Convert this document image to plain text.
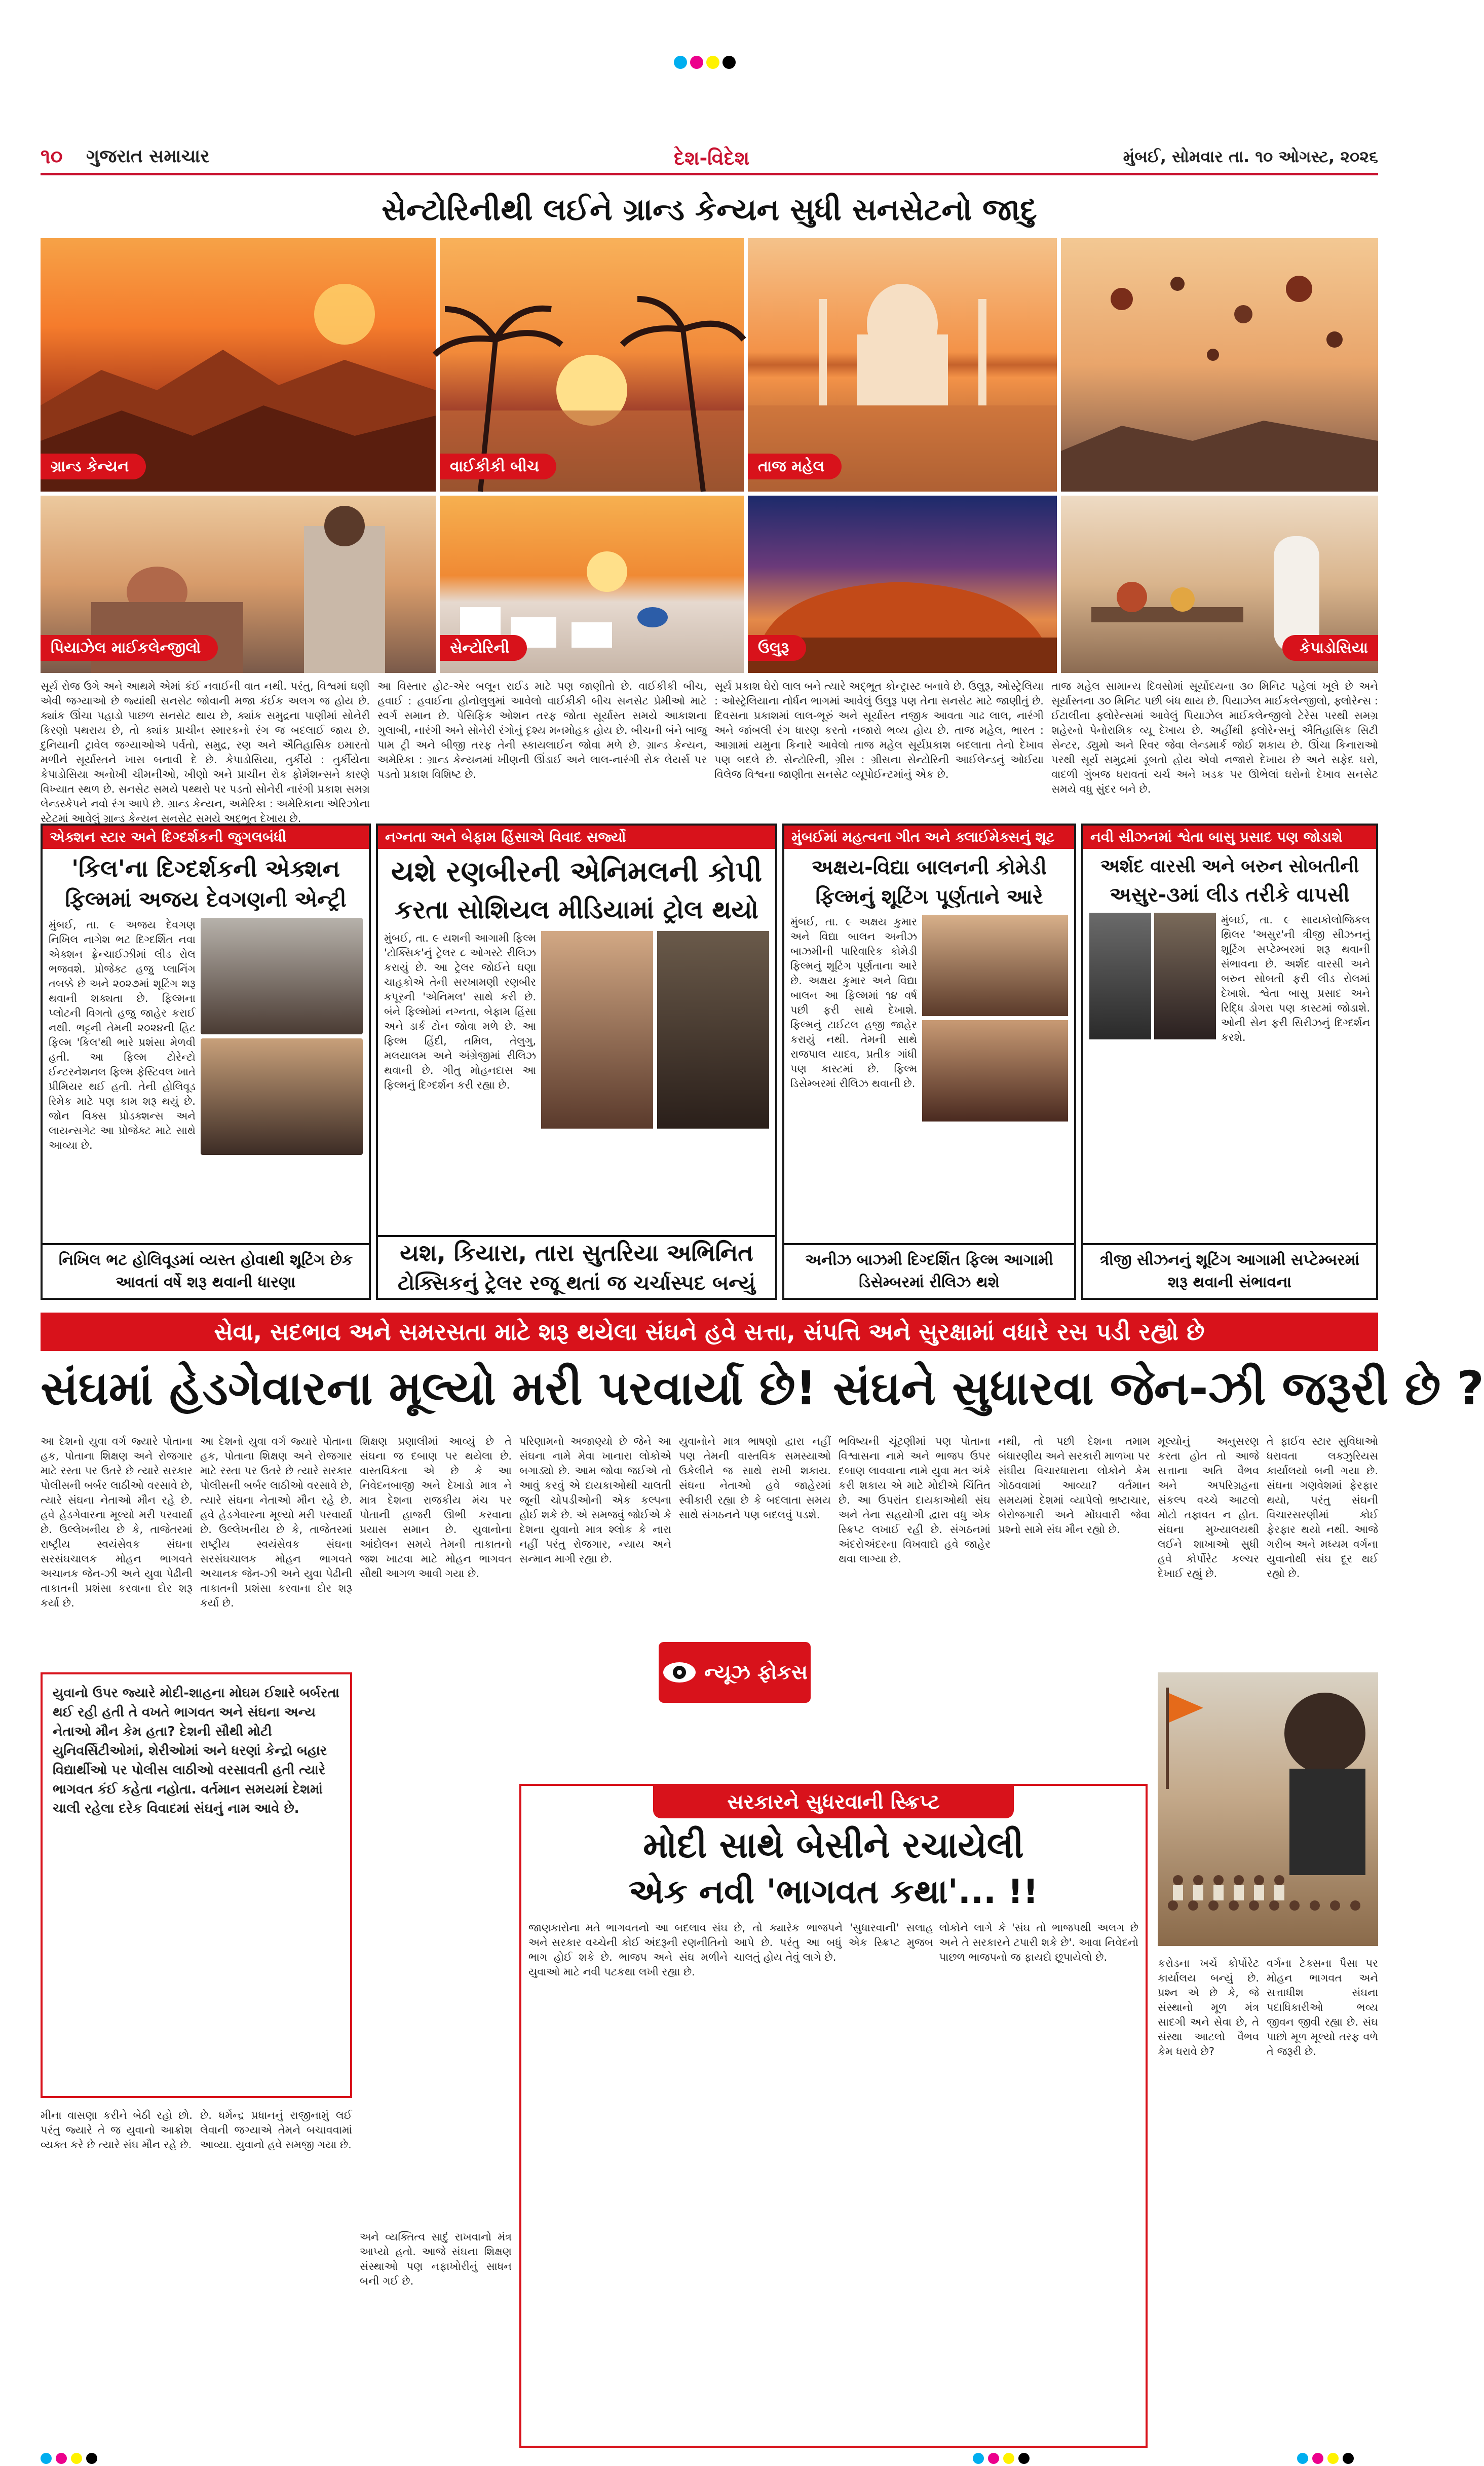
૧૦ ગુજરાત સમાચાર	દેશ-વિદેશ	મુંબઈ, સોમવાર તા. ૧૦ ઓગસ્ટ, ૨૦૨૬
સેન્ટોરિનીથી લઈને ગ્રાન્ડ કેન્યન સુધી સનસેટનો જાદુ
ગ્રાન્ડ કેન્યન	વાઈકીકી બીચ	તાજ મહેલ
પિયાઝેલ માઈકલેન્જીલો	સેન્ટોરિની	ઉલુરૂ	કેપાડોસિયા
સૂર્ય રોજ ઉગે અને આથમે એમાં કંઈ નવાઈની વાત નથી. પરંતુ, વિશ્વમાં ઘણી એવી જગ્યાઓ છે જ્યાંથી સનસેટ જોવાની મજા કંઈક અલગ જ હોય છે. ક્યાંક ઊંચા પહાડો પાછળ સનસેટ થાય છે, ક્યાંક સમુદ્રના પાણીમાં સોનેરી કિરણો પથરાય છે, તો ક્યાંક પ્રાચીન સ્મારકનો રંગ જ બદલાઈ જાય છે. દુનિયાની ટ્રાવેલ જગ્યાઓએ પર્વતો, સમુદ્ર, રણ અને ઐતિહાસિક ઇમારતો મળીને સૂર્યાસ્તને ખાસ બનાવી દે છે. કેપાડોસિયા, તુર્કીયે : તુર્કીયેના કેપાડોસિયા અનોખી ચીમનીઓ, ખીણો અને પ્રાચીન રોક ફોર્મેશન્સને કારણે વિખ્યાત સ્થળ છે. સનસેટ સમયે પથ્થરો પર પડતો સોનેરી નારંગી પ્રકાશ સમગ્ર લેન્ડસ્કેપને નવો રંગ આપે છે. ગ્રાન્ડ કેન્યન, અમેરિકા : અમેરિકાના એરિઝોના સ્ટેટમાં આવેલું ગ્રાન્ડ કેન્યન સનસેટ સમયે અદ્ભૂત દેખાય છે.
આ વિસ્તાર હોટ-એર બલૂન રાઈડ માટે પણ જાણીતો છે. વાઈકીકી બીચ, હવાઈ : હવાઈના હોનોલુલુમાં આવેલો વાઈકીકી બીચ સનસેટ પ્રેમીઓ માટે સ્વર્ગ સમાન છે. પેસિફિક ઓશન તરફ જોતા સૂર્યાસ્ત સમયે આકાશના ગુલાબી, નારંગી અને સોનેરી રંગોનું દૃશ્ય મનમોહક હોય છે. બીચની બંને બાજુ પામ ટ્રી અને બીજી તરફ તેની સ્કાયલાઈન જોવા મળે છે. ગ્રાન્ડ કેન્યન, અમેરિકા : ગ્રાન્ડ કેન્યનમાં ખીણની ઊંડાઈ અને લાલ-નારંગી રોક લેયર્સ પર પડતો પ્રકાશ વિશિષ્ટ છે.
સૂર્ય પ્રકાશ ઘેરો લાલ બને ત્યારે અદ્ભૂત કોન્ટ્રાસ્ટ બનાવે છે. ઉલુરૂ, ઓસ્ટ્રેલિયા : ઓસ્ટ્રેલિયાના નોર્ધન ભાગમાં આવેલું ઉલુરૂ પણ તેના સનસેટ માટે જાણીતું છે. દિવસના પ્રકાશમાં લાલ-ભૂરું અને સૂર્યાસ્ત નજીક આવતા ગાઢ લાલ, નારંગી અને જાંબલી રંગ ધારણ કરતો નજારો ભવ્ય હોય છે. તાજ મહેલ, ભારત : આગ્રામાં યમુના કિનારે આવેલો તાજ મહેલ સૂર્યપ્રકાશ બદલાતા તેનો દેખાવ પણ બદલે છે. સેન્ટોરિની, ગ્રીસ : ગ્રીસના સેન્ટોરિની આઈલેન્ડનું ઓઈયા વિલેજ વિશ્વના જાણીતા સનસેટ વ્યૂપોઈન્ટમાંનું એક છે.
તાજ મહેલ સામાન્ય દિવસોમાં સૂર્યોદયના ૩૦ મિનિટ પહેલાં ખૂલે છે અને સૂર્યાસ્તના ૩૦ મિનિટ પછી બંધ થાય છે. પિયાઝેલ માઈકલેન્જીલો, ફ્લોરેન્સ : ઈટાલીના ફ્લોરેન્સમાં આવેલું પિયાઝેલ માઈકલેન્જીલો ટેરેસ પરથી સમગ્ર શહેરનો પેનોરામિક વ્યૂ દેખાય છે. અહીંથી ફ્લોરેન્સનું ઐતિહાસિક સિટી સેન્ટર, ડ્યુમો અને રિવર જેવા લેન્ડમાર્ક જોઈ શકાય છે. ઊંચા કિનારાઓ પરથી સૂર્ય સમુદ્રમાં ડૂબતો હોય એવો નજારો દેખાય છે અને સફેદ ઘરો, વાદળી ગુંબજ ધરાવતાં ચર્ચ અને ખડક પર ઊભેલાં ઘરોનો દેખાવ સનસેટ સમયે વધુ સુંદર બને છે.
એક્શન સ્ટાર અને દિગ્દર્શકની જુગલબંધી
'કિલ'ના દિગ્દર્શકની એક્શન
ફિલ્મમાં અજય દેવગણની એન્ટ્રી
મુંબઈ, તા. ૯ અજય દેવગણ નિખિલ નાગેશ ભટ દિગ્દર્શિત નવા એક્શન ફ્રેન્ચાઈઝીમાં લીડ રોલ ભજવશે. પ્રોજેક્ટ હજુ પ્લાનિંગ તબક્કે છે અને ૨૦૨૭માં શૂટિંગ શરૂ થવાની શક્યતા છે. ફિલ્મના પ્લોટની વિગતો હજુ જાહેર કરાઈ નથી. ભટ્ટની તેમની ૨૦૨૪ની હિટ ફિલ્મ 'કિલ'થી ભારે પ્રશંસા મેળવી હતી. આ ફિલ્મ ટોરેન્ટો ઈન્ટરનેશનલ ફિલ્મ ફેસ્ટિવલ ખાતે પ્રીમિયર થઈ હતી. તેની હોલિવૂડ રિમેક માટે પણ કામ શરૂ થયું છે. જોન વિક્સ પ્રોડક્શન્સ અને લાયન્સગેટ આ પ્રોજેક્ટ માટે સાથે આવ્યા છે.
નિખિલ ભટ હોલિવૂડમાં વ્યસ્ત હોવાથી શૂટિંગ છેક આવતાં વર્ષે શરૂ થવાની ધારણા
નગ્નતા અને બેફામ હિંસાએ વિવાદ સર્જ્યો
યશે રણબીરની એનિમલની કોપી
કરતા સોશિયલ મીડિયામાં ટ્રોલ થયો
મુંબઈ, તા. ૯ યશની આગામી ફિલ્મ 'ટોક્સિક'નું ટ્રેલર ૮ ઓગસ્ટે રીલિઝ કરાયું છે. આ ટ્રેલર જોઈને ઘણા ચાહકોએ તેની સરખામણી રણબીર કપૂરની 'એનિમલ' સાથે કરી છે. બંને ફિલ્મોમાં નગ્નતા, બેફામ હિંસા અને ડાર્ક ટોન જોવા મળે છે. આ ફિલ્મ હિંદી, તમિલ, તેલુગુ, મલયાલમ અને અંગ્રેજીમાં રીલિઝ થવાની છે. ગીતુ મોહનદાસ આ ફિલ્મનું દિગ્દર્શન કરી રહ્યા છે.
યશ, કિયારા, તારા સુતરિયા અભિનિત
ટોક્સિકનું ટ્રેલર રજૂ થતાં જ ચર્ચાસ્પદ બન્યું
મુંબઈમાં મહત્વના ગીત અને ક્લાઈમેક્સનું શૂટ
અક્ષય-વિદ્યા બાલનની કોમેડી
ફિલ્મનું શૂટિંગ પૂર્ણતાને આરે
મુંબઈ, તા. ૯ અક્ષય કુમાર અને વિદ્યા બાલન અનીઝ બાઝમીની પારિવારિક કોમેડી ફિલ્મનું શૂટિંગ પૂર્ણતાના આરે છે. અક્ષય કુમાર અને વિદ્યા બાલન આ ફિલ્મમાં ૧૪ વર્ષ પછી ફરી સાથે દેખાશે. ફિલ્મનું ટાઈટલ હજી જાહેર કરાયું નથી. તેમની સાથે રાજપાલ યાદવ, પ્રતીક ગાંધી પણ કાસ્ટમાં છે. ફિલ્મ ડિસેમ્બરમાં રીલિઝ થવાની છે.
અનીઝ બાઝમી દિગ્દર્શિત ફિલ્મ આગામી ડિસેમ્બરમાં રીલિઝ થશે
નવી સીઝનમાં શ્વેતા બાસુ પ્રસાદ પણ જોડાશે
અર્શદ વારસી અને બરુન સોબતીની
અસુર-૩માં લીડ તરીકે વાપસી
મુંબઈ, તા. ૯ સાયકોલોજિકલ થ્રિલર 'અસુર'ની ત્રીજી સીઝનનું શૂટિંગ સપ્ટેમ્બરમાં શરૂ થવાની સંભાવના છે. અર્શદ વારસી અને બરુન સોબતી ફરી લીડ રોલમાં દેખાશે. શ્વેતા બાસુ પ્રસાદ અને રિદ્ધિ ડોગરા પણ કાસ્ટમાં જોડાશે. ઓની સેન ફરી સિરીઝનું દિગ્દર્શન કરશે.
ત્રીજી સીઝનનું શૂટિંગ આગામી સપ્ટેમ્બરમાં શરૂ થવાની સંભાવના
સેવા, સદભાવ અને સમરસતા માટે શરૂ થયેલા સંઘને હવે સત્તા, સંપત્તિ અને સુરક્ષામાં વધારે રસ પડી રહ્યો છે
સંઘમાં હેડગેવારના મૂલ્યો મરી પરવાર્યા છે! સંઘને સુધારવા જેન-ઝી જરૂરી છે ?
આ દેશનો યુવા વર્ગ જ્યારે પોતાના હક, પોતાના શિક્ષણ અને રોજગાર માટે રસ્તા પર ઉતરે છે ત્યારે સરકાર પોલીસની બર્બર લાઠીઓ વરસાવે છે, ત્યારે સંઘના નેતાઓ મૌન રહે છે. હવે હેડગેવારના મૂલ્યો મરી પરવાર્યા છે. ઉલ્લેખનીય છે કે, તાજેતરમાં રાષ્ટ્રીય સ્વયંસેવક સંઘના સરસંઘચાલક મોહન ભાગવતે અચાનક જેન-ઝી અને યુવા પેઢીની તાકાતની પ્રશંસા કરવાના દોર શરૂ કર્યા છે.
આ દેશનો યુવા વર્ગ જ્યારે પોતાના હક, પોતાના શિક્ષણ અને રોજગાર માટે રસ્તા પર ઉતરે છે ત્યારે સરકાર પોલીસની બર્બર લાઠીઓ વરસાવે છે, ત્યારે સંઘના નેતાઓ મૌન રહે છે. હવે હેડગેવારના મૂલ્યો મરી પરવાર્યા છે. ઉલ્લેખનીય છે કે, તાજેતરમાં રાષ્ટ્રીય સ્વયંસેવક સંઘના સરસંઘચાલક મોહન ભાગવતે અચાનક જેન-ઝી અને યુવા પેઢીની તાકાતની પ્રશંસા કરવાના દોર શરૂ કર્યા છે.
શિક્ષણ પ્રણાલીમાં આવ્યું છે તે સંઘના જ દબાણ પર થયેલા છે. વાસ્તવિકતા એ છે કે આ નિવેદનબાજી અને દેખાડો માત્ર ને માત્ર દેશના રાજકીય મંચ પર પોતાની હાજરી ઊભી કરવાના પ્રયાસ સમાન છે. યુવાનોના આંદોલન સમયે તેમની તાકાતનો જશ ખાટવા માટે મોહન ભાગવત સૌથી આગળ આવી ગયા છે.
પરિણામનો અજાણ્યો છે જેને આ સંઘના નામે મેવા ખાનારા લોકોએ બગાડ્યો છે. આમ જોવા જઈએ તો આવું કરવું એ દાયકાઓથી ચાલતી જૂની ચોપડીઓની એક કલ્પના હોઈ શકે છે. એ સમજવું જોઈએ કે દેશના યુવાનો માત્ર શ્લોક કે નારા નહીં પરંતુ રોજગાર, ન્યાય અને સન્માન માગી રહ્યા છે.
યુવાનોને માત્ર ભાષણો દ્વારા નહીં પણ તેમની વાસ્તવિક સમસ્યાઓ ઉકેલીને જ સાથે રાખી શકાય. સંઘના નેતાઓ હવે જાહેરમાં સ્વીકારી રહ્યા છે કે બદલાતા સમય સાથે સંગઠનને પણ બદલવું પડશે.
ભવિષ્યની ચૂંટણીમાં પણ પોતાના વિશ્વાસના નામે અને ભાજપ ઉપર દબાણ લાવવાના નામે યુવા મત અંકે કરી શકાય એ માટે મોદીએ ચિંતિત છે. આ ઉપરાંત દાયકાઓથી સંઘ અને તેના સહયોગી દ્વારા વધુ એક સ્ક્રિપ્ટ લખાઈ રહી છે. સંગઠનમાં અંદરોઅંદરના વિખવાદો હવે જાહેર થવા લાગ્યા છે.
નથી, તો પછી દેશના તમામ બંધારણીય અને સરકારી માળખા પર સંઘીય વિચારધારાના લોકોને કેમ ગોઠવવામાં આવ્યા? વર્તમાન સમયમાં દેશમાં વ્યાપેલો ભ્રષ્ટાચાર, બેરોજગારી અને મોંઘવારી જેવા પ્રશ્નો સામે સંઘ મૌન રહ્યો છે.
મૂલ્યોનું અનુસરણ કરતા હોત તો આજે સત્તાના અતિ વૈભવ અને અપરિગ્રહના સંકલ્પ વચ્ચે આટલો મોટો તફાવત ન હોત. સંઘના મુખ્યાલયથી લઈને શાખાઓ સુધી હવે કોર્પોરેટ કલ્ચર દેખાઈ રહ્યું છે.
તે ફાઈવ સ્ટાર સુવિધાઓ ધરાવતા લક્ઝુરિયસ કાર્યાલયો બની ગયા છે. સંઘના ગણવેશમાં ફેરફાર થયો, પરંતુ સંઘની વિચારસરણીમાં કોઈ ફેરફાર થયો નથી. આજે ગરીબ અને મધ્યમ વર્ગના યુવાનોથી સંઘ દૂર થઈ રહ્યો છે.
ન્યૂઝ ફોકસ
યુવાનો ઉપર જ્યારે મોદી-શાહના મોઘમ ઈશારે બર્બરતા થઈ રહી હતી તે વખતે ભાગવત અને સંઘના અન્ય નેતાઓ મૌન કેમ હતા? દેશની સૌથી મોટી યુનિવર્સિટીઓમાં, શેરીઓમાં અને ધરણાં કેન્દ્રો બહાર વિદ્યાર્થીઓ પર પોલીસ લાઠીઓ વરસાવતી હતી ત્યારે ભાગવત કંઈ કહેતા નહોતા. વર્તમાન સમયમાં દેશમાં ચાલી રહેલા દરેક વિવાદમાં સંઘનું નામ આવે છે.	સરકારને સુધરવાની સ્ક્રિપ્ટ
મોદી સાથે બેસીને રચાયેલી
એક નવી 'ભાગવત કથા'... !!
જાણકારોના મતે ભાગવતનો આ બદલાવ સંઘ અને સરકાર વચ્ચેની કોઈ અંદરૂની રણનીતિનો ભાગ હોઈ શકે છે. ભાજપ અને સંઘ મળીને યુવાઓ માટે નવી પટકથા લખી રહ્યા છે.
છે, તો ક્યારેક ભાજપને 'સુધારવાની' સલાહ આપે છે. પરંતુ આ બધું એક સ્ક્રિપ્ટ મુજબ ચાલતું હોય તેવું લાગે છે.
લોકોને લાગે કે 'સંઘ તો ભાજપથી અલગ છે અને તે સરકારને ટપારી શકે છે'. આવા નિવેદનો પાછળ ભાજપનો જ ફાયદો છૂપાયેલો છે.	કરોડના ખર્ચે કોર્પોરેટ કાર્યાલય બન્યું છે. પ્રશ્ન એ છે કે, જે સંસ્થાનો મૂળ મંત્ર સાદગી અને સેવા છે, તે સંસ્થા આટલો વૈભવ કેમ ધરાવે છે?
વર્ગના ટેક્સના પૈસા પર મોહન ભાગવત અને સત્તાધીશ સંઘના પદાધિકારીઓ ભવ્ય જીવન જીવી રહ્યા છે. સંઘ પાછો મૂળ મૂલ્યો તરફ વળે તે જરૂરી છે.
મીના વાસણા કરીને બેઠી રહો છો. પરંતુ જ્યારે તે જ યુવાનો આક્રોશ વ્યક્ત કરે છે ત્યારે સંઘ મૌન રહે છે.
છે. ધર્મેન્દ્ર પ્રધાનનું રાજીનામું લઈ લેવાની જગ્યાએ તેમને બચાવવામાં આવ્યા. યુવાનો હવે સમજી ગયા છે.
અને વ્યક્તિત્વ સાદું રાખવાનો મંત્ર આપ્યો હતો. આજે સંઘના શિક્ષણ સંસ્થાઓ પણ નફાખોરીનું સાધન બની ગઈ છે.
